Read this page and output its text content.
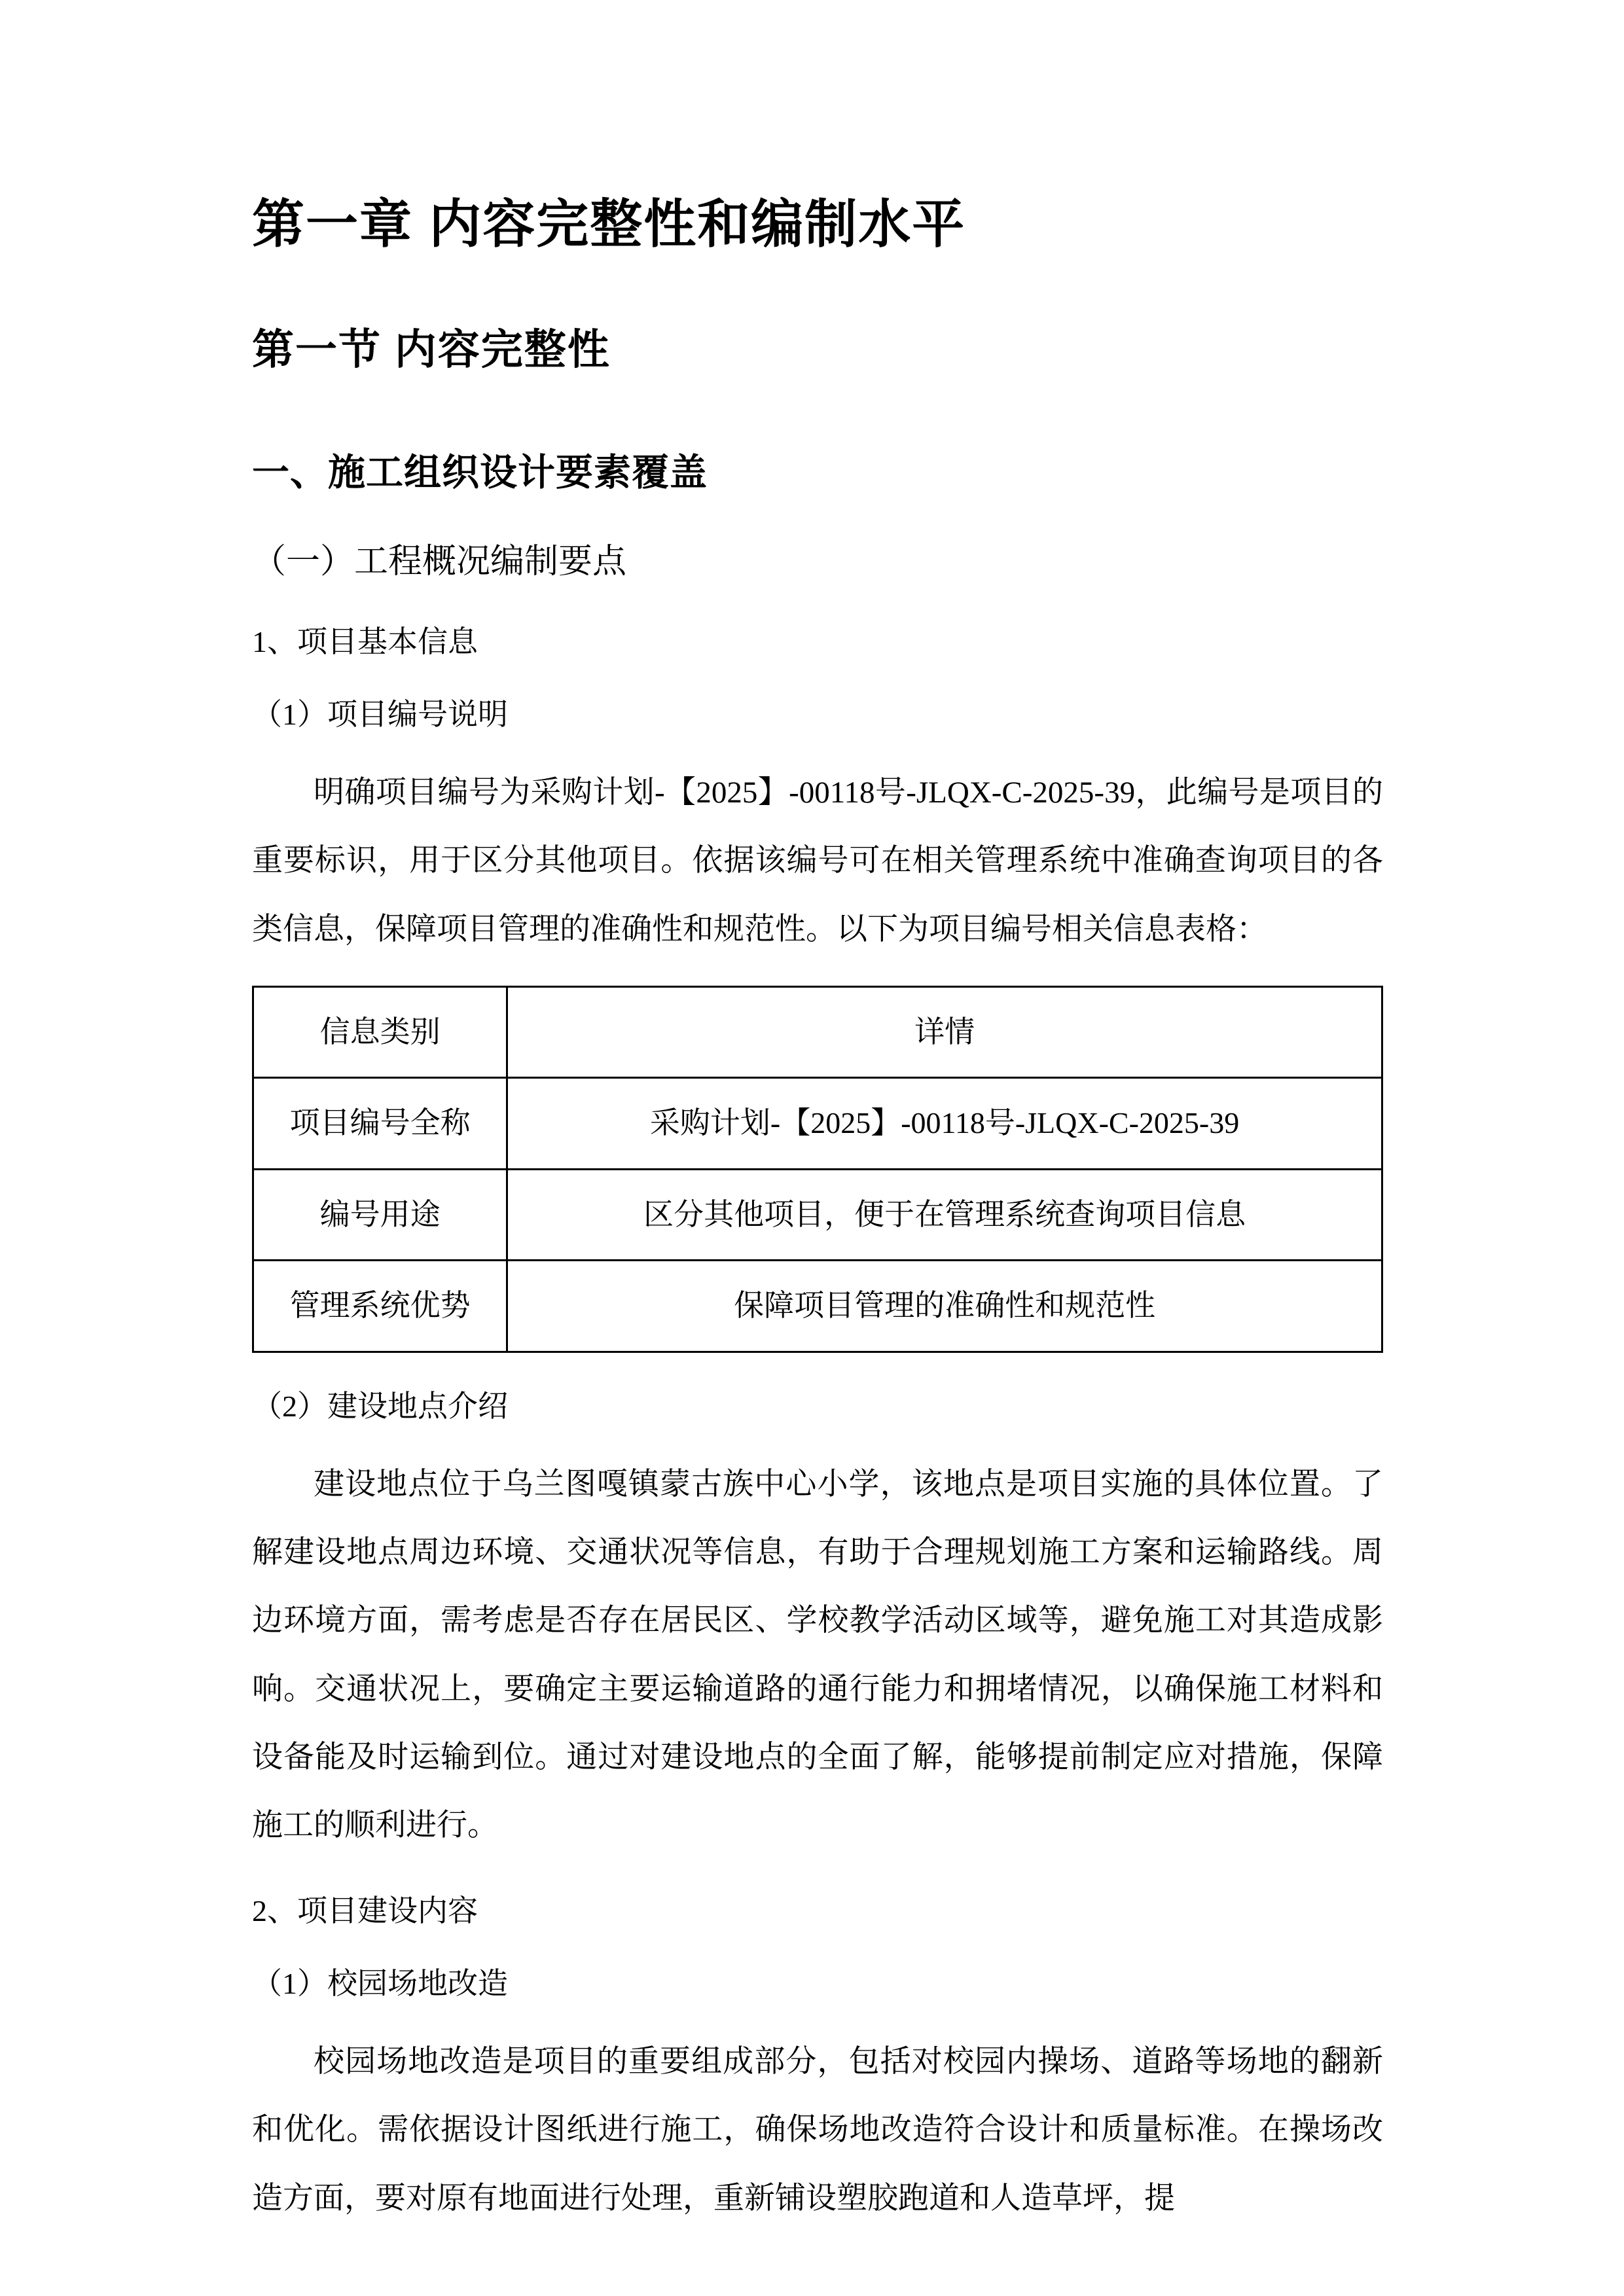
第一章 内容完整性和编制水平
第一节 内容完整性
一、施工组织设计要素覆盖
（一）工程概况编制要点
1、项目基本信息
（1）项目编号说明

明确项目编号为采购计划-【2025】-00118号-JLQX-C-2025-39，此编号是项目的重要标识，用于区分其他项目。依据该编号可在相关管理系统中准确查询项目的各类信息，保障项目管理的准确性和规范性。以下为项目编号相关信息表格：

信息类别	详情
项目编号全称	采购计划-【2025】-00118号-JLQX-C-2025-39
编号用途	区分其他项目，便于在管理系统查询项目信息
管理系统优势	保障项目管理的准确性和规范性
（2）建设地点介绍

建设地点位于乌兰图嘎镇蒙古族中心小学，该地点是项目实施的具体位置。了解建设地点周边环境、交通状况等信息，有助于合理规划施工方案和运输路线。周边环境方面，需考虑是否存在居民区、学校教学活动区域等，避免施工对其造成影响。交通状况上，要确定主要运输道路的通行能力和拥堵情况，以确保施工材料和设备能及时运输到位。通过对建设地点的全面了解，能够提前制定应对措施，保障施工的顺利进行。

2、项目建设内容
（1）校园场地改造

校园场地改造是项目的重要组成部分，包括对校园内操场、道路等场地的翻新和优化。需依据设计图纸进行施工，确保场地改造符合设计和质量标准。在操场改造方面，要对原有地面进行处理，重新铺设塑胶跑道和人造草坪，提
